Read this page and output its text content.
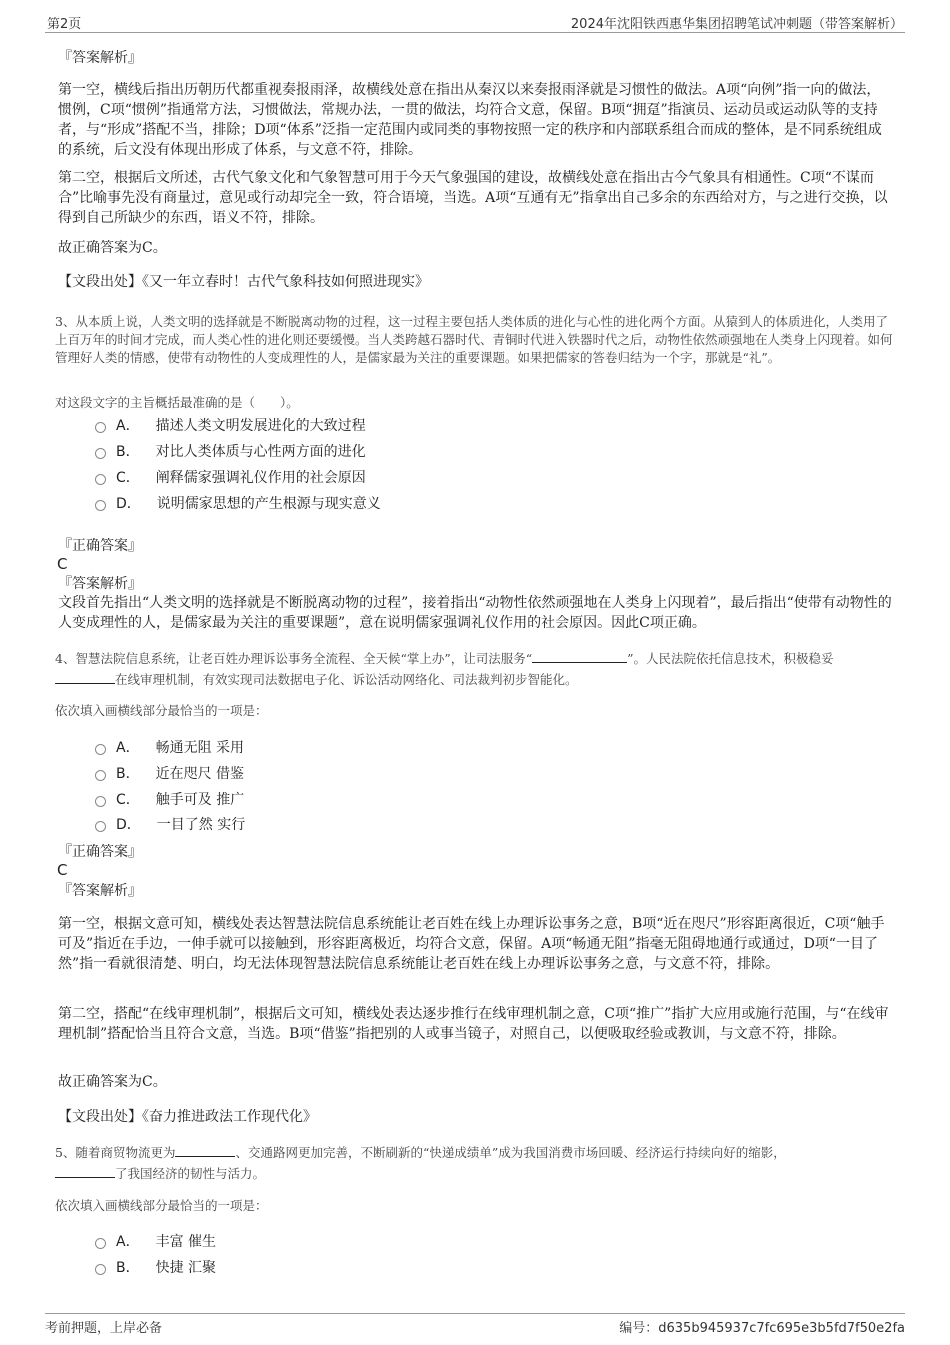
第2页	2024年沈阳铁西惠华集团招聘笔试冲刺题（带答案解析）
『答案解析』
第一空，横线后指出历朝历代都重视奏报雨泽，故横线处意在指出从秦汉以来奏报雨泽就是习惯性的做法。A项“向例”指一向的做法，惯例，C项“惯例”指通常方法，习惯做法，常规办法，一贯的做法，均符合文意，保留。B项“拥趸”指演员、运动员或运动队等的支持者，与“形成”搭配不当，排除；D项“体系”泛指一定范围内或同类的事物按照一定的秩序和内部联系组合而成的整体，是不同系统组成的系统，后文没有体现出形成了体系，与文意不符，排除。
第二空，根据后文所述，古代气象文化和气象智慧可用于今天气象强国的建设，故横线处意在指出古今气象具有相通性。C项“不谋而合”比喻事先没有商量过，意见或行动却完全一致，符合语境，当选。A项“互通有无”指拿出自己多余的东西给对方，与之进行交换，以得到自己所缺少的东西，语义不符，排除。
故正确答案为C。
【文段出处】《又一年立春时！古代气象科技如何照进现实》
3、从本质上说，人类文明的选择就是不断脱离动物的过程，这一过程主要包括人类体质的进化与心性的进化两个方面。从猿到人的体质进化，人类用了上百万年的时间才完成，而人类心性的进化则还要缓慢。当人类跨越石器时代、青铜时代进入铁器时代之后，动物性依然顽强地在人类身上闪现着。如何管理好人类的情感，使带有动物性的人变成理性的人，是儒家最为关注的重要课题。如果把儒家的答卷归结为一个字，那就是“礼”。
对这段文字的主旨概括最准确的是（　　）。
A． 描述人类文明发展进化的大致过程
B． 对比人类体质与心性两方面的进化
C． 阐释儒家强调礼仪作用的社会原因
D． 说明儒家思想的产生根源与现实意义
『正确答案』
C
『答案解析』
文段首先指出“人类文明的选择就是不断脱离动物的过程”，接着指出“动物性依然顽强地在人类身上闪现着”，最后指出“使带有动物性的人变成理性的人，是儒家最为关注的重要课题”，意在说明儒家强调礼仪作用的社会原因。因此C项正确。
4、智慧法院信息系统，让老百姓办理诉讼事务全流程、全天候“掌上办”，让司法服务“	”。人民法院依托信息技术，积极稳妥
在线审理机制，有效实现司法数据电子化、诉讼活动网络化、司法裁判初步智能化。
依次填入画横线部分最恰当的一项是：
A． 畅通无阻 采用
B． 近在咫尺 借鉴
C． 触手可及 推广
D． 一目了然 实行
『正确答案』
C
『答案解析』
第一空，根据文意可知，横线处表达智慧法院信息系统能让老百姓在线上办理诉讼事务之意，B项“近在咫尺”形容距离很近，C项“触手可及”指近在手边，一伸手就可以接触到，形容距离极近，均符合文意，保留。A项“畅通无阻”指毫无阻碍地通行或通过，D项“一目了然”指一看就很清楚、明白，均无法体现智慧法院信息系统能让老百姓在线上办理诉讼事务之意，与文意不符，排除。
第二空，搭配“在线审理机制”，根据后文可知，横线处表达逐步推行在线审理机制之意，C项“推广”指扩大应用或施行范围，与“在线审理机制”搭配恰当且符合文意，当选。B项“借鉴”指把别的人或事当镜子，对照自己，以便吸取经验或教训，与文意不符，排除。
故正确答案为C。
【文段出处】《奋力推进政法工作现代化》
5、随着商贸物流更为	、交通路网更加完善，不断刷新的“快递成绩单”成为我国消费市场回暖、经济运行持续向好的缩影，
了我国经济的韧性与活力。
依次填入画横线部分最恰当的一项是：
A． 丰富 催生
B． 快捷 汇聚
考前押题，上岸必备	编号：d635b945937c7fc695e3b5fd7f50e2fa
